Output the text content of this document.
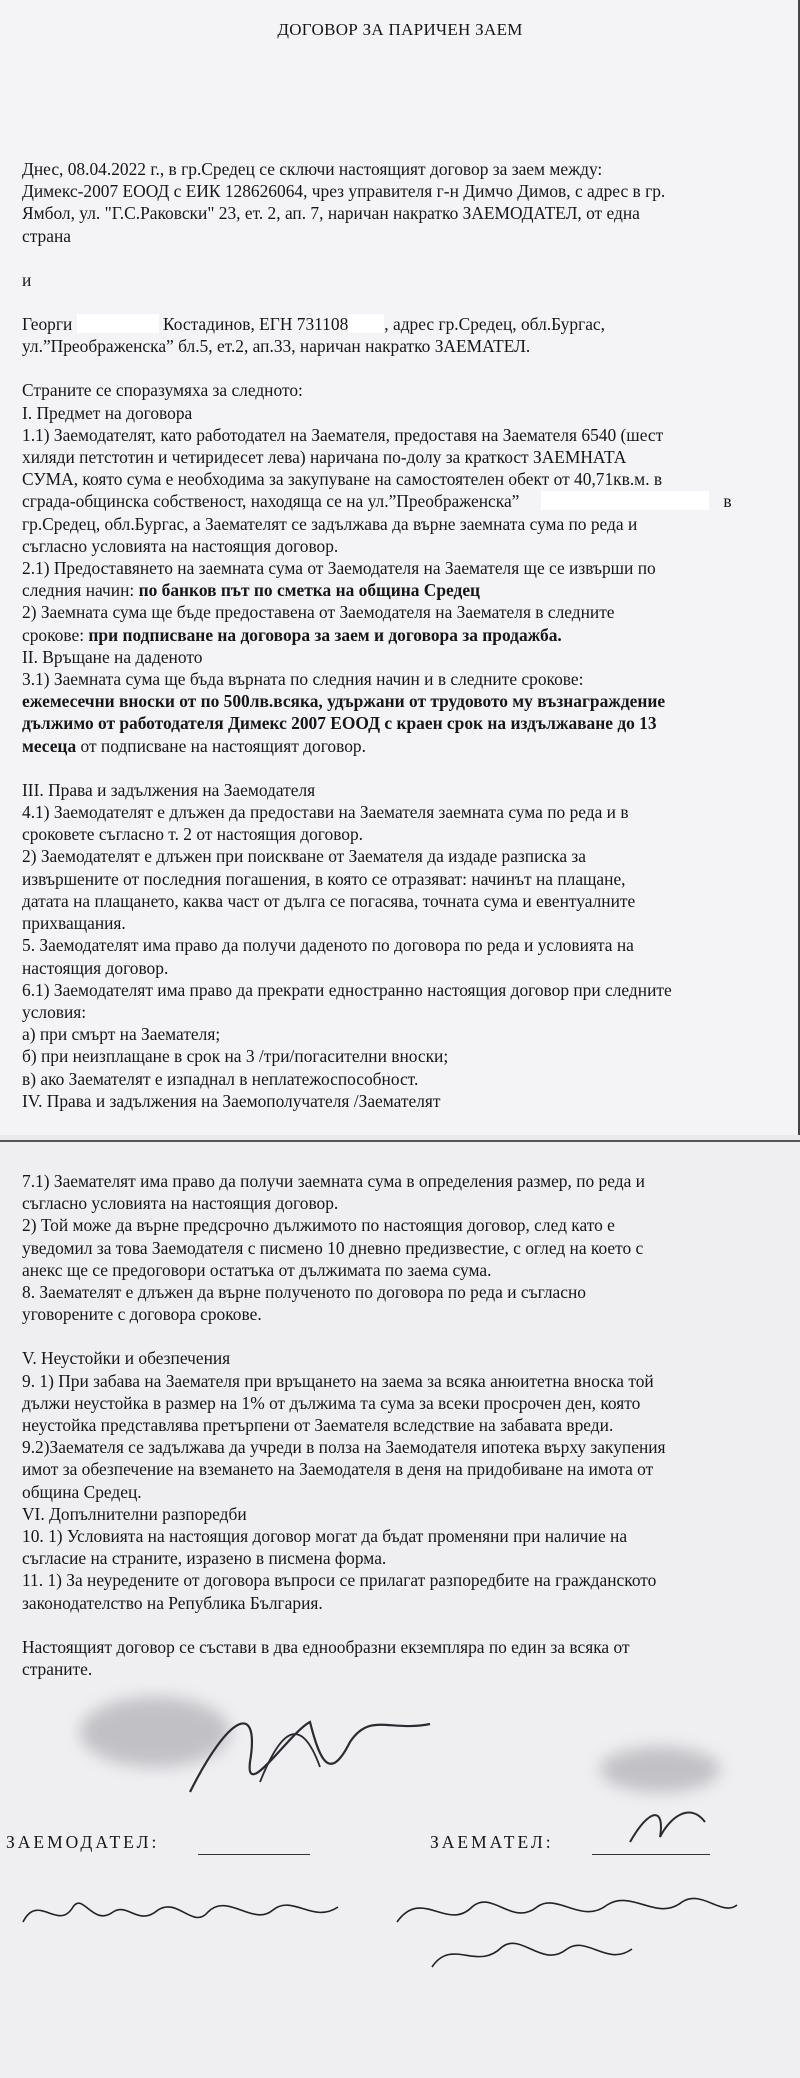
ДОГОВОР ЗА ПАРИЧЕН ЗАЕМ

Днес, 08.04.2022 г., в гр.Средец се сключи настоящият договор за заем между:

Димекс-2007 ЕООД с ЕИК 128626064, чрез управителя г-н Димчо Димов, с адрес в гр.

Ямбол, ул. "Г.С.Раковски" 23, ет. 2, ап. 7, наричан накратко ЗАЕМОДАТЕЛ, от една

страна

и

Георги	Костадинов, ЕГН 731108 , адрес гр.Средец, обл.Бургас,

ул.”Преображенска” бл.5, ет.2, ап.33, наричан накратко ЗАЕМАТЕЛ.

Страните се споразумяха за следното:

I. Предмет на договора

1.1) Заемодателят, като работодател на Заемателя, предоставя на Заемателя 6540 (шест

хиляди петстотин и четиридесет лева) наричана по-долу за краткост ЗАЕМНАТА

СУМА, която сума е необходима за закупуване на самостоятелен обект от 40,71кв.м. в

сграда-общинска собственост, находяща се на ул.”Преображенска”	в

гр.Средец, обл.Бургас, а Заемателят се задължава да върне заемната сума по реда и

съгласно условията на настоящия договор.

2.1) Предоставянето на заемната сума от Заемодателя на Заемателя ще се извърши по

следния начин: по банков път по сметка на община Средец

2) Заемната сума ще бъде предоставена от Заемодателя на Заемателя в следните

срокове: при подписване на договора за заем и договора за продажба.

II. Връщане на даденото

3.1) Заемната сума ще бъда върната по следния начин и в следните срокове:

ежемесечни вноски от по 500лв.всяка, удържани от трудовото му възнаграждение

дължимо от работодателя Димекс 2007 ЕООД с краен срок на издължаване до 13

месеца от подписване на настоящият договор.

III. Права и задължения на Заемодателя

4.1) Заемодателят е длъжен да предостави на Заемателя заемната сума по реда и в

сроковете съгласно т. 2 от настоящия договор.

2) Заемодателят е длъжен при поискване от Заемателя да издаде разписка за

извършените от последния погашения, в която се отразяват: начинът на плащане,

датата на плащането, каква част от дълга се погасява, точната сума и евентуалните

прихващания.

5. Заемодателят има право да получи даденото по договора по реда и условията на

настоящия договор.

6.1) Заемодателят има право да прекрати едностранно настоящия договор при следните

условия:

а) при смърт на Заемателя;

б) при неизплащане в срок на 3 /три/погасителни вноски;

в) ако Заемателят е изпаднал в неплатежоспособност.

IV. Права и задължения на Заемополучателя /Заемателят

7.1) Заемателят има право да получи заемната сума в определения размер, по реда и

съгласно условията на настоящия договор.

2) Той може да върне предсрочно дължимото по настоящия договор, след като е

уведомил за това Заемодателя с писмено 10 дневно предизвестие, с оглед на което с

анекс ще се предоговори остатъка от дължимата по заема сума.

8. Заемателят е длъжен да върне полученото по договора по реда и съгласно

уговорените с договора срокове.

V. Неустойки и обезпечения

9. 1) При забава на Заемателя при връщането на заема за всяка анюитетна вноска той

дължи неустойка в размер на 1% от дължима та сума за всеки просрочен ден, която

неустойка представлява претърпени от Заемателя вследствие на забавата вреди.

9.2)Заемателя се задължава да учреди в полза на Заемодателя ипотека върху закупения

имот за обезпечение на вземането на Заемодателя в деня на придобиване на имота от

община Средец.

VI. Допълнителни разпоредби

10. 1) Условията на настоящия договор могат да бъдат променяни при наличие на

съгласие на страните, изразено в писмена форма.

11. 1) За неуредените от договора въпроси се прилагат разпоредбите на гражданското

законодателство на Република България.

Настоящият договор се състави в два еднообразни екземпляра по един за всяка от

страните.

ЗАЕМОДАТЕЛ:	ЗАЕМАТЕЛ:
